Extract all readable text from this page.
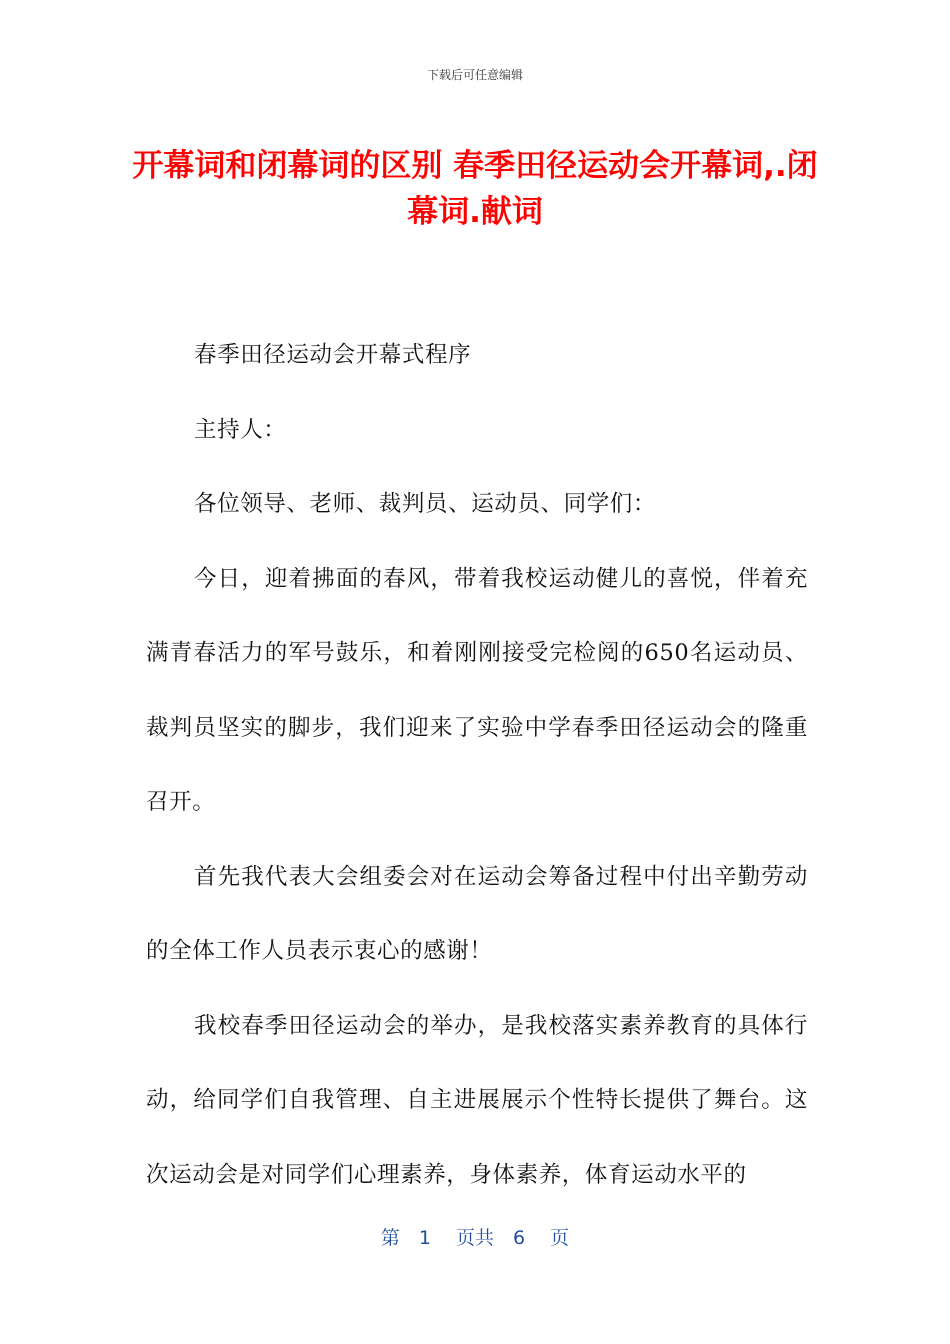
下载后可任意编辑
开幕词和闭幕词的区别 春季田径运动会开幕词,.闭幕词.献词

春季田径运动会开幕式程序

主持人：

各位领导、老师、裁判员、运动员、同学们：

今日，迎着拂面的春风，带着我校运动健儿的喜悦，伴着充满青春活力的军号鼓乐，和着刚刚接受完检阅的650名运动员、裁判员坚实的脚步，我们迎来了实验中学春季田径运动会的隆重召开。

首先我代表大会组委会对在运动会筹备过程中付出辛勤劳动的全体工作人员表示衷心的感谢！

我校春季田径运动会的举办，是我校落实素养教育的具体行动，给同学们自我管理、自主进展展示个性特长提供了舞台。这次运动会是对同学们心理素养，身体素养，体育运动水平的

第　1　 页共　6　 页
